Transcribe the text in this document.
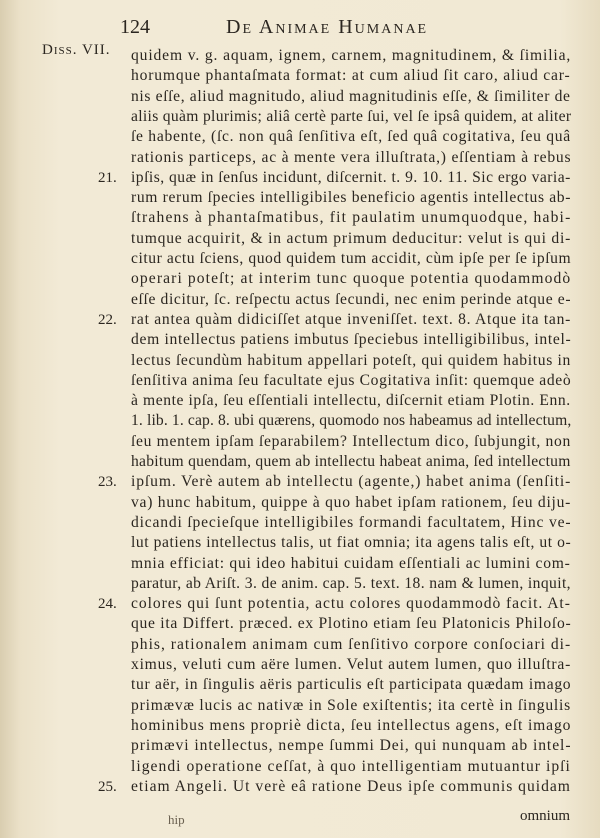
124	De Animae Humanae
Diss. VII. quidem v. g. aquam, ignem, carnem, magnitudinem, & ſimilia,
horumque phantaſmata format: at cum aliud ſit caro, aliud car-
nis eſſe, aliud magnitudo, aliud magnitudinis eſſe, & ſimiliter de
aliis quàm plurimis; aliâ certè parte ſui, vel ſe ipsâ quidem, at aliter
ſe habente, (ſc. non quâ ſenſitiva eſt, ſed quâ cogitativa, ſeu quâ
rationis particeps, ac à mente vera illuſtrata,) eſſentiam à rebus
ipſis, quæ in ſenſus incidunt, diſcernit. t. 9. 10. 11. Sic ergo varia-
rum rerum ſpecies intelligibiles beneficio agentis intellectus ab-
ſtrahens à phantaſmatibus, fit paulatim unumquodque, habi-
tumque acquirit, & in actum primum deducitur: velut is qui di-
citur actu ſciens, quod quidem tum accidit, cùm ipſe per ſe ipſum
operari poteſt; at interim tunc quoque potentia quodammodò
eſſe dicitur, ſc. reſpectu actus ſecundi, nec enim perinde atque e-
rat antea quàm didiciſſet atque inveniſſet. text. 8. Atque ita tan-
dem intellectus patiens imbutus ſpeciebus intelligibilibus, intel-
lectus ſecundùm habitum appellari poteſt, qui quidem habitus in
ſenſitiva anima ſeu facultate ejus Cogitativa inſit: quemque adeò
à mente ipſa, ſeu eſſentiali intellectu, diſcernit etiam Plotin. Enn.
1. lib. 1. cap. 8. ubi quærens, quomodo nos habeamus ad intellectum,
ſeu mentem ipſam ſeparabilem? Intellectum dico, ſubjungit, non
habitum quendam, quem ab intellectu habeat anima, ſed intellectum
ipſum. Verè autem ab intellectu (agente,) habet anima (ſenſiti-
va) hunc habitum, quippe à quo habet ipſam rationem, ſeu diju-
dicandi ſpecieſque intelligibiles formandi facultatem, Hinc ve-
lut patiens intellectus talis, ut fiat omnia; ita agens talis eſt, ut o-
mnia efficiat: qui ideo habitui cuidam eſſentiali ac lumini com-
paratur, ab Ariſt. 3. de anim. cap. 5. text. 18. nam & lumen, inquit,
colores qui ſunt potentia, actu colores quodammodò facit. At-
que ita Differt. præced. ex Plotino etiam ſeu Platonicis Philoſo-
phis, rationalem animam cum ſenſitivo corpore conſociari di-
ximus, veluti cum aëre lumen. Velut autem lumen, quo illuſtra-
tur aër, in ſingulis aëris particulis eſt participata quædam imago
primævæ lucis ac nativæ in Sole exiſtentis; ita certè in ſingulis
hominibus mens propriè dicta, ſeu intellectus agens, eſt imago
primævi intellectus, nempe ſummi Dei, qui nunquam ab intel-
ligendi operatione ceſſat, à quo intelligentiam mutuantur ipſi
etiam Angeli. Ut verè eâ ratione Deus ipſe communis quidam
21.
22.
23.
24.
25.
hip	omnium
